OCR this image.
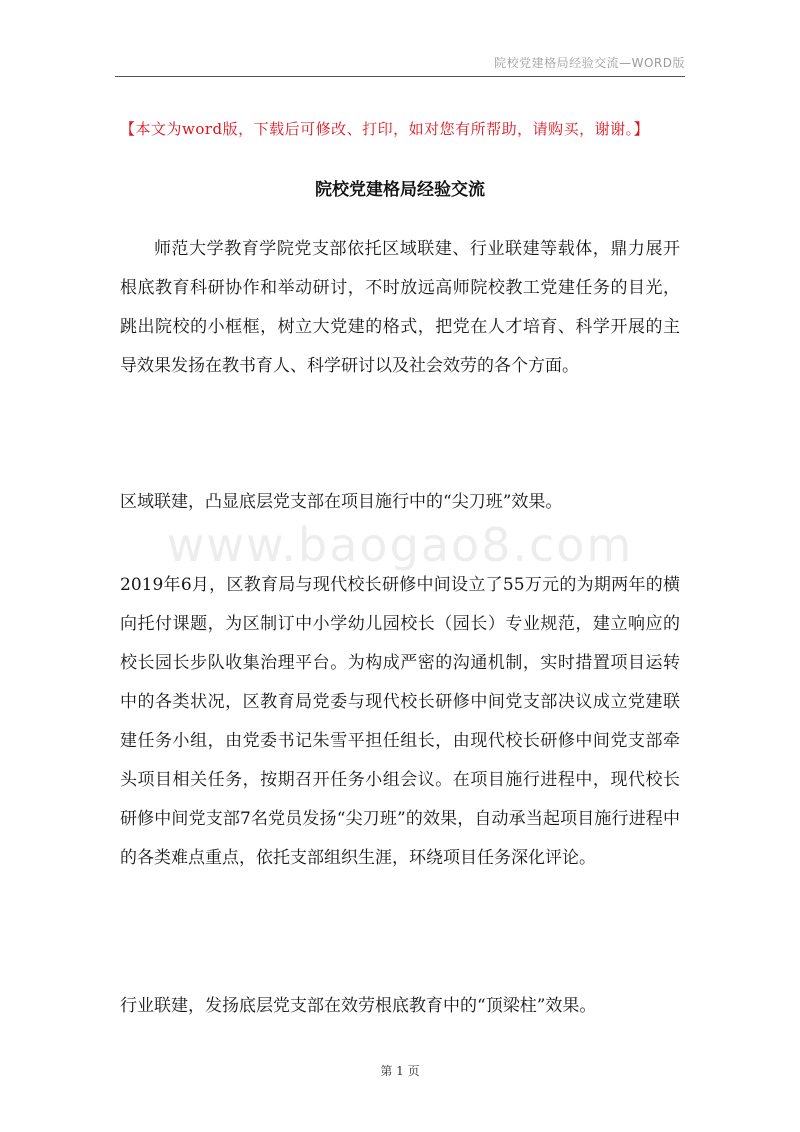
院校党建格局经验交流—WORD版
【本文为word版，下载后可修改、打印，如对您有所帮助，请购买，谢谢。】
院校党建格局经验交流
师范大学教育学院党支部依托区域联建、行业联建等载体，鼎力展开根底教育科研协作和举动研讨，不时放远高师院校教工党建任务的目光，跳出院校的小框框，树立大党建的格式，把党在人才培育、科学开展的主导效果发扬在教书育人、科学研讨以及社会效劳的各个方面。
区域联建，凸显底层党支部在项目施行中的“尖刀班”效果。
www.baogao8.com
2019年6月，区教育局与现代校长研修中间设立了55万元的为期两年的横向托付课题，为区制订中小学幼儿园校长（园长）专业规范，建立响应的校长园长步队收集治理平台。为构成严密的沟通机制，实时措置项目运转中的各类状况，区教育局党委与现代校长研修中间党支部决议成立党建联建任务小组，由党委书记朱雪平担任组长，由现代校长研修中间党支部牵头项目相关任务，按期召开任务小组会议。在项目施行进程中，现代校长研修中间党支部7名党员发扬“尖刀班”的效果，自动承当起项目施行进程中的各类难点重点，依托支部组织生涯，环绕项目任务深化评论。
行业联建，发扬底层党支部在效劳根底教育中的“顶梁柱”效果。
第 1 页
